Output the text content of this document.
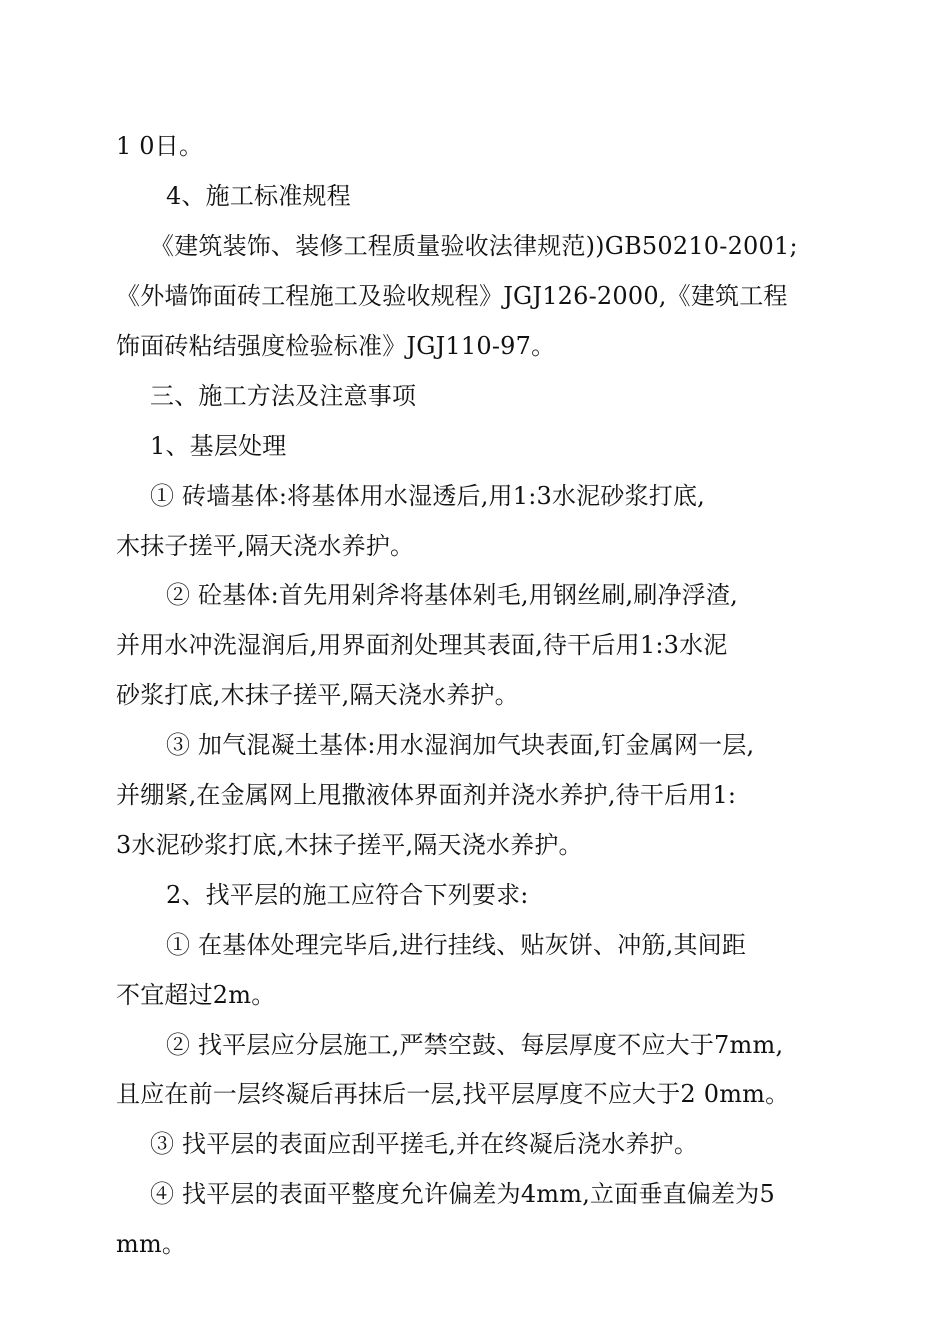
1 0日。
4、施工标准规程
《建筑装饰、装修工程质量验收法律规范))GB50210-2001;
《外墙饰面砖工程施工及验收规程》JGJ126-2000,《建筑工程
饰面砖粘结强度检验标准》JGJ110-97。
三、施工方法及注意事项
1、基层处理
① 砖墙基体:将基体用水湿透后,用1:3水泥砂浆打底,
木抹子搓平,隔天浇水养护。
② 砼基体:首先用剁斧将基体剁毛,用钢丝刷,刷净浮渣,
并用水冲洗湿润后,用界面剂处理其表面,待干后用1:3水泥
砂浆打底,木抹子搓平,隔天浇水养护。
③ 加气混凝土基体:用水湿润加气块表面,钉金属网一层,
并绷紧,在金属网上甩撒液体界面剂并浇水养护,待干后用1:
3水泥砂浆打底,木抹子搓平,隔天浇水养护。
2、找平层的施工应符合下列要求:
① 在基体处理完毕后,进行挂线、贴灰饼、冲筋,其间距
不宜超过2m。
② 找平层应分层施工,严禁空鼓、每层厚度不应大于7mm,
且应在前一层终凝后再抹后一层,找平层厚度不应大于2 0mm。
③ 找平层的表面应刮平搓毛,并在终凝后浇水养护。
④ 找平层的表面平整度允许偏差为4mm,立面垂直偏差为5
mm。
